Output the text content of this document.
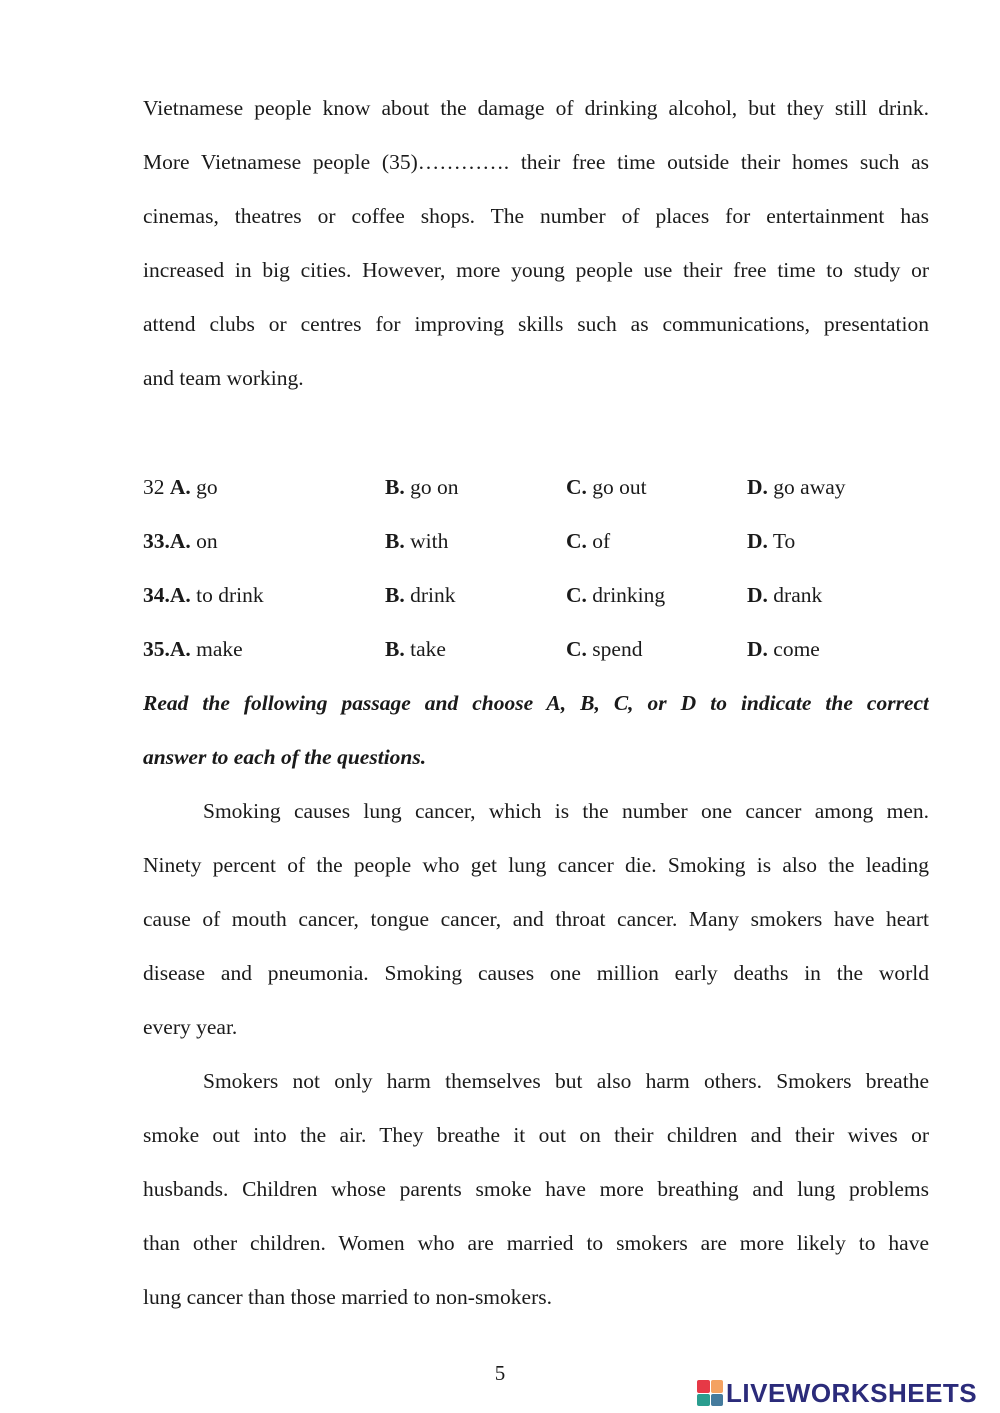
Vietnamese people know about the damage of drinking alcohol, but they still drink.
More Vietnamese people (35)…………. their free time outside their homes such as
cinemas, theatres or coffee shops. The number of places for entertainment has
increased in big cities. However, more young people use their free time to study or
attend clubs or centres for improving skills such as communications, presentation
and team working.
32 A. go	B. go on	C. go out	D. go away
33.A. on	B. with	C. of	D. To
34.A. to drink	B. drink	C. drinking	D. drank
35.A. make	B. take	C. spend	D. come
Read the following passage and choose A, B, C, or D to indicate the correct
answer to each of the questions.
Smoking causes lung cancer, which is the number one cancer among men.
Ninety percent of the people who get lung cancer die. Smoking is also the leading
cause of mouth cancer, tongue cancer, and throat cancer. Many smokers have heart
disease and pneumonia. Smoking causes one million early deaths in the world
every year.
Smokers not only harm themselves but also harm others. Smokers breathe
smoke out into the air. They breathe it out on their children and their wives or
husbands. Children whose parents smoke have more breathing and lung problems
than other children. Women who are married to smokers are more likely to have
lung cancer than those married to non-smokers.
5
LIVEWORKSHEETS
